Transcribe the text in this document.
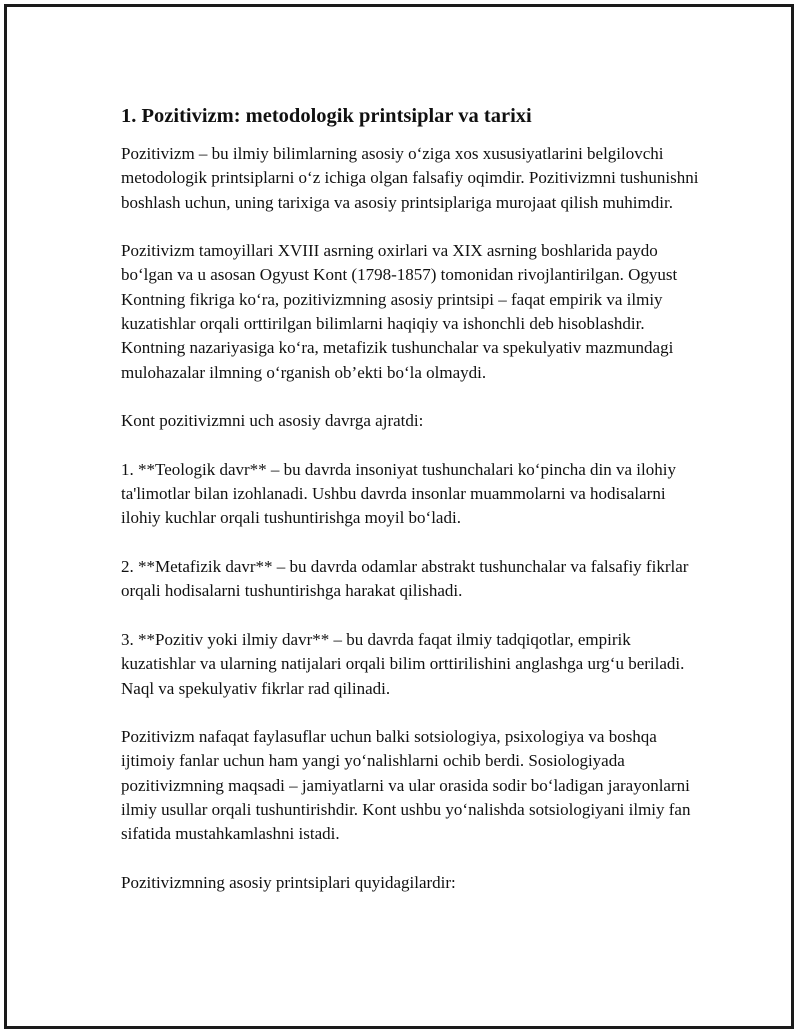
1. Pozitivizm: metodologik printsiplar va tarixi

Pozitivizm – bu ilmiy bilimlarning asosiy o‘ziga xos xususiyatlarini belgilovchi metodologik printsiplarni o‘z ichiga olgan falsafiy oqimdir. Pozitivizmni tushunishni boshlash uchun, uning tarixiga va asosiy printsiplariga murojaat qilish muhimdir.

Pozitivizm tamoyillari XVIII asrning oxirlari va XIX asrning boshlarida paydo bo‘lgan va u asosan Ogyust Kont (1798-1857) tomonidan rivojlantirilgan. Ogyust Kontning fikriga ko‘ra, pozitivizmning asosiy printsipi – faqat empirik va ilmiy kuzatishlar orqali orttirilgan bilimlarni haqiqiy va ishonchli deb hisoblashdir. Kontning nazariyasiga ko‘ra, metafizik tushunchalar va spekulyativ mazmundagi mulohazalar ilmning o‘rganish ob’ekti bo‘la olmaydi.

Kont pozitivizmni uch asosiy davrga ajratdi:

1. **Teologik davr** – bu davrda insoniyat tushunchalari ko‘pincha din va ilohiy ta'limotlar bilan izohlanadi. Ushbu davrda insonlar muammolarni va hodisalarni ilohiy kuchlar orqali tushuntirishga moyil bo‘ladi.

2. **Metafizik davr** – bu davrda odamlar abstrakt tushunchalar va falsafiy fikrlar orqali hodisalarni tushuntirishga harakat qilishadi.

3. **Pozitiv yoki ilmiy davr** – bu davrda faqat ilmiy tadqiqotlar, empirik kuzatishlar va ularning natijalari orqali bilim orttirilishini anglashga urg‘u beriladi. Naql va spekulyativ fikrlar rad qilinadi.

Pozitivizm nafaqat faylasuflar uchun balki sotsiologiya, psixologiya va boshqa ijtimoiy fanlar uchun ham yangi yo‘nalishlarni ochib berdi. Sosiologiyada pozitivizmning maqsadi – jamiyatlarni va ular orasida sodir bo‘ladigan jarayonlarni ilmiy usullar orqali tushuntirishdir. Kont ushbu yo‘nalishda sotsiologiyani ilmiy fan sifatida mustahkamlashni istadi.

Pozitivizmning asosiy printsiplari quyidagilardir:
